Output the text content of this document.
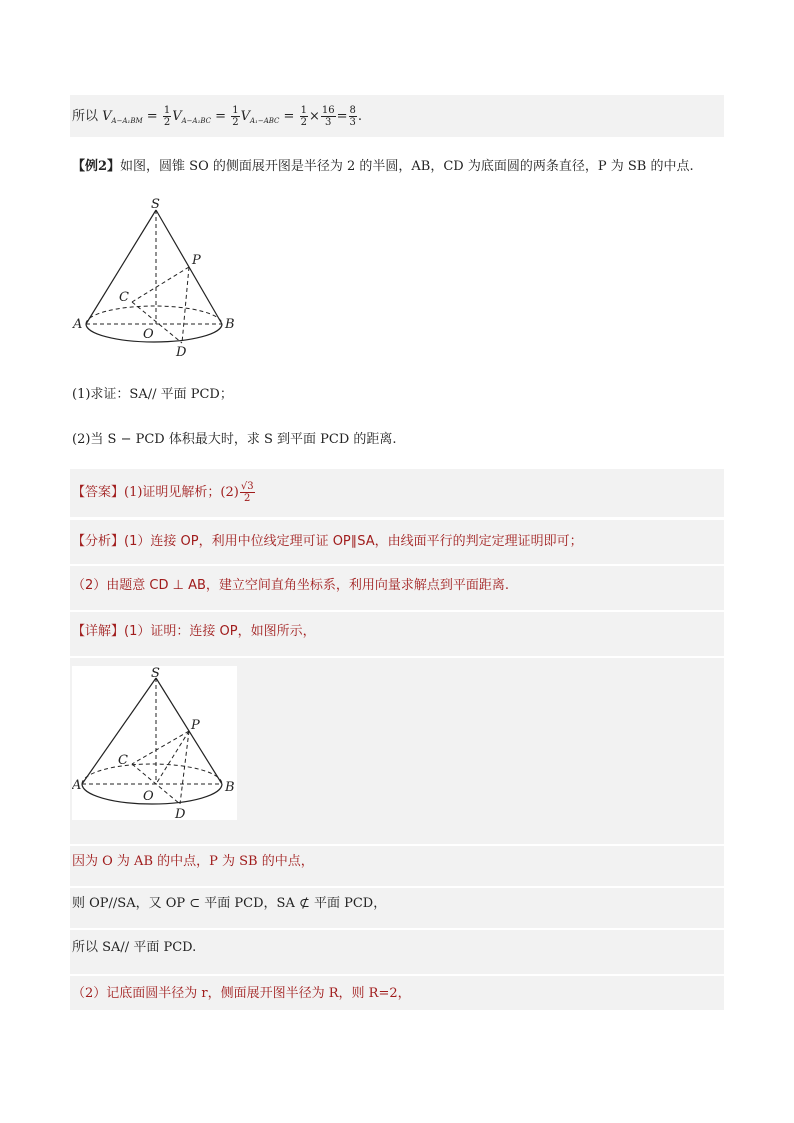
所以 $V_{A-A_1BM} = \frac{1}{2} V_{A-A_1BC} = \frac{1}{2} V_{A_1-ABC} = \frac{1}{2} \times \frac{16}{3} = \frac{8}{3}$ .
【例2】如图，圆锥 SO 的侧面展开图是半径为 2 的半圆，AB，CD 为底面圆的两条直径，P 为 SB 的中点.
S
P
C
A
O
B
D
(1)求证：SA// 平面 PCD；
(2)当 S − PCD 体积最大时，求 S 到平面 PCD 的距离.
【答案】(1)证明见解析；$(2) \frac{√3}{2}$
【分析】(1）连接 OP，利用中位线定理可证 OP∥SA，由线面平行的判定定理证明即可；
（2）由题意 CD ⊥ AB，建立空间直角坐标系，利用向量求解点到平面距离.
【详解】(1）证明：连接 OP，如图所示，
S
P
C
A
O
B
D
因为 O 为 AB 的中点，P 为 SB 的中点，
则 OP//SA，又 OP ⊂ 平面 PCD，SA ⊄ 平面 PCD，
所以 SA// 平面 PCD.
（2）记底面圆半径为 r，侧面展开图半径为 R，则 R=2，
